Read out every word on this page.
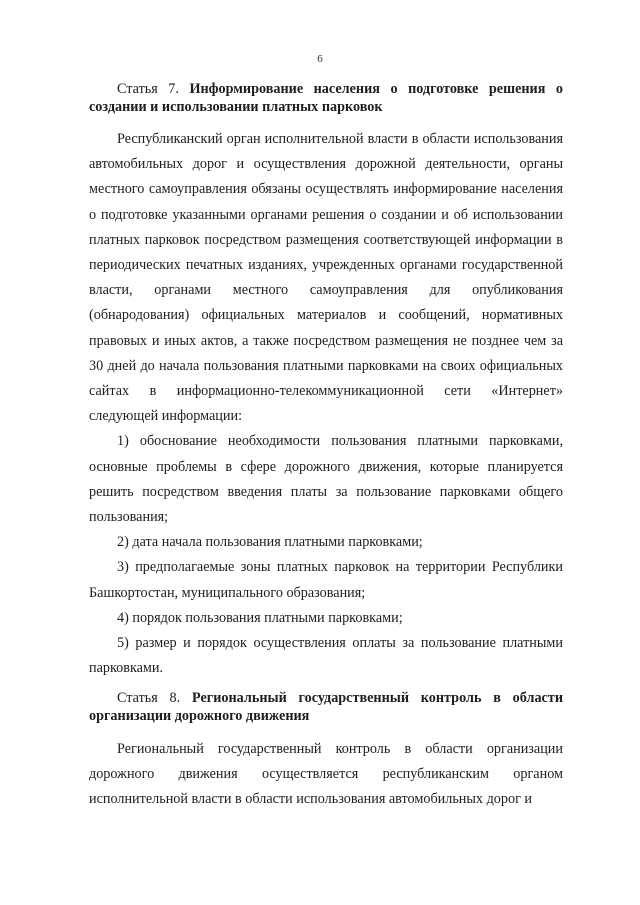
6
Статья 7. Информирование населения о подготовке решения о создании и использовании платных парковок

Республиканский орган исполнительной власти в области использования автомобильных дорог и осуществления дорожной деятельности, органы местного самоуправления обязаны осуществлять информирование населения о подготовке указанными органами решения о создании и об использовании платных парковок посредством размещения соответствующей информации в периодических печатных изданиях, учрежденных органами государственной власти, органами местного самоуправления для опубликования (обнародования) официальных материалов и сообщений, нормативных правовых и иных актов, а также посредством размещения не позднее чем за 30 дней до начала пользования платными парковками на своих официальных сайтах в информационно-телекоммуникационной сети «Интернет» следующей информации:

1) обоснование необходимости пользования платными парковками, основные проблемы в сфере дорожного движения, которые планируется решить посредством введения платы за пользование парковками общего пользования;

2) дата начала пользования платными парковками;

3) предполагаемые зоны платных парковок на территории Республики Башкортостан, муниципального образования;

4) порядок пользования платными парковками;

5) размер и порядок осуществления оплаты за пользование платными парковками.

Статья 8. Региональный государственный контроль в области организации дорожного движения

Региональный государственный контроль в области организации дорожного движения осуществляется республиканским органом исполнительной власти в области использования автомобильных дорог и
